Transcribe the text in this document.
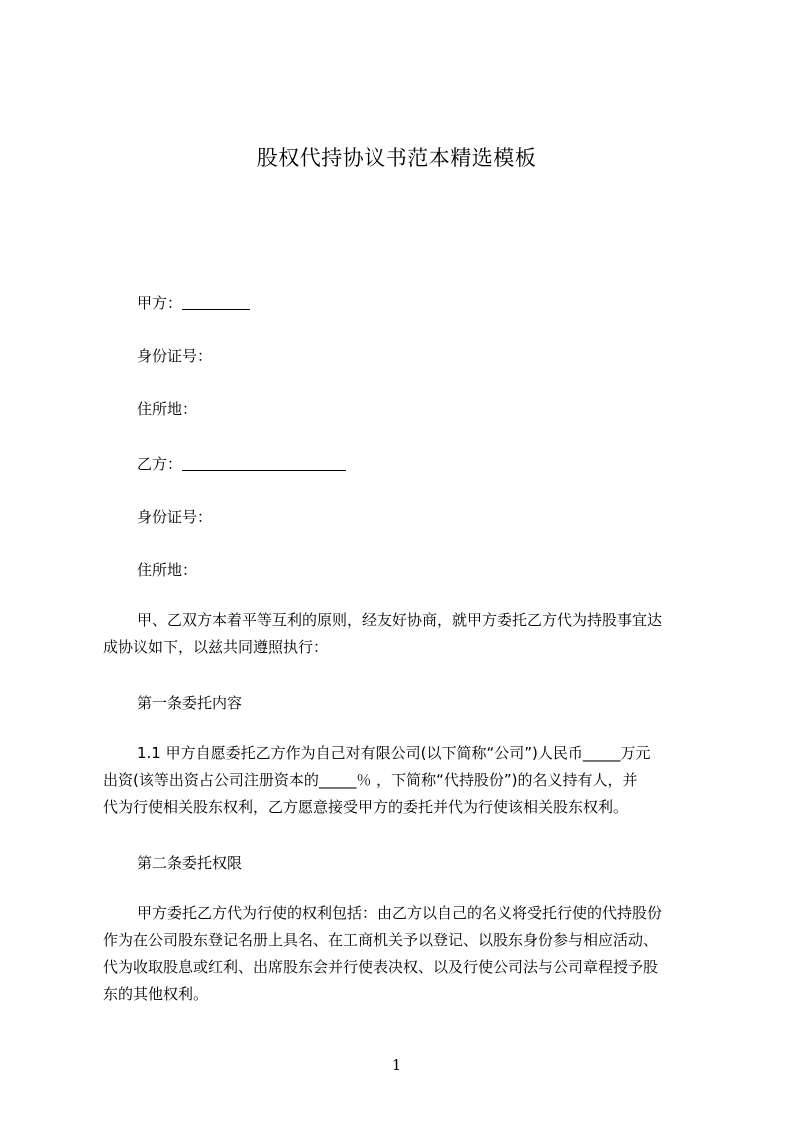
股权代持协议书范本精选模板
甲方：
身份证号：
住所地：
乙方：
身份证号：
住所地：
甲、乙双方本着平等互利的原则，经友好协商，就甲方委托乙方代为持股事宜达
成协议如下，以兹共同遵照执行：
第一条委托内容
1.1 甲方自愿委托乙方作为自己对有限公司(以下简称“公司”)人民币_____万元
出资(该等出资占公司注册资本的_____％ ，下简称“代持股份”)的名义持有人，并
代为行使相关股东权利，乙方愿意接受甲方的委托并代为行使该相关股东权利。
第二条委托权限
甲方委托乙方代为行使的权利包括：由乙方以自己的名义将受托行使的代持股份
作为在公司股东登记名册上具名、在工商机关予以登记、以股东身份参与相应活动、
代为收取股息或红利、出席股东会并行使表决权、以及行使公司法与公司章程授予股
东的其他权利。
1
